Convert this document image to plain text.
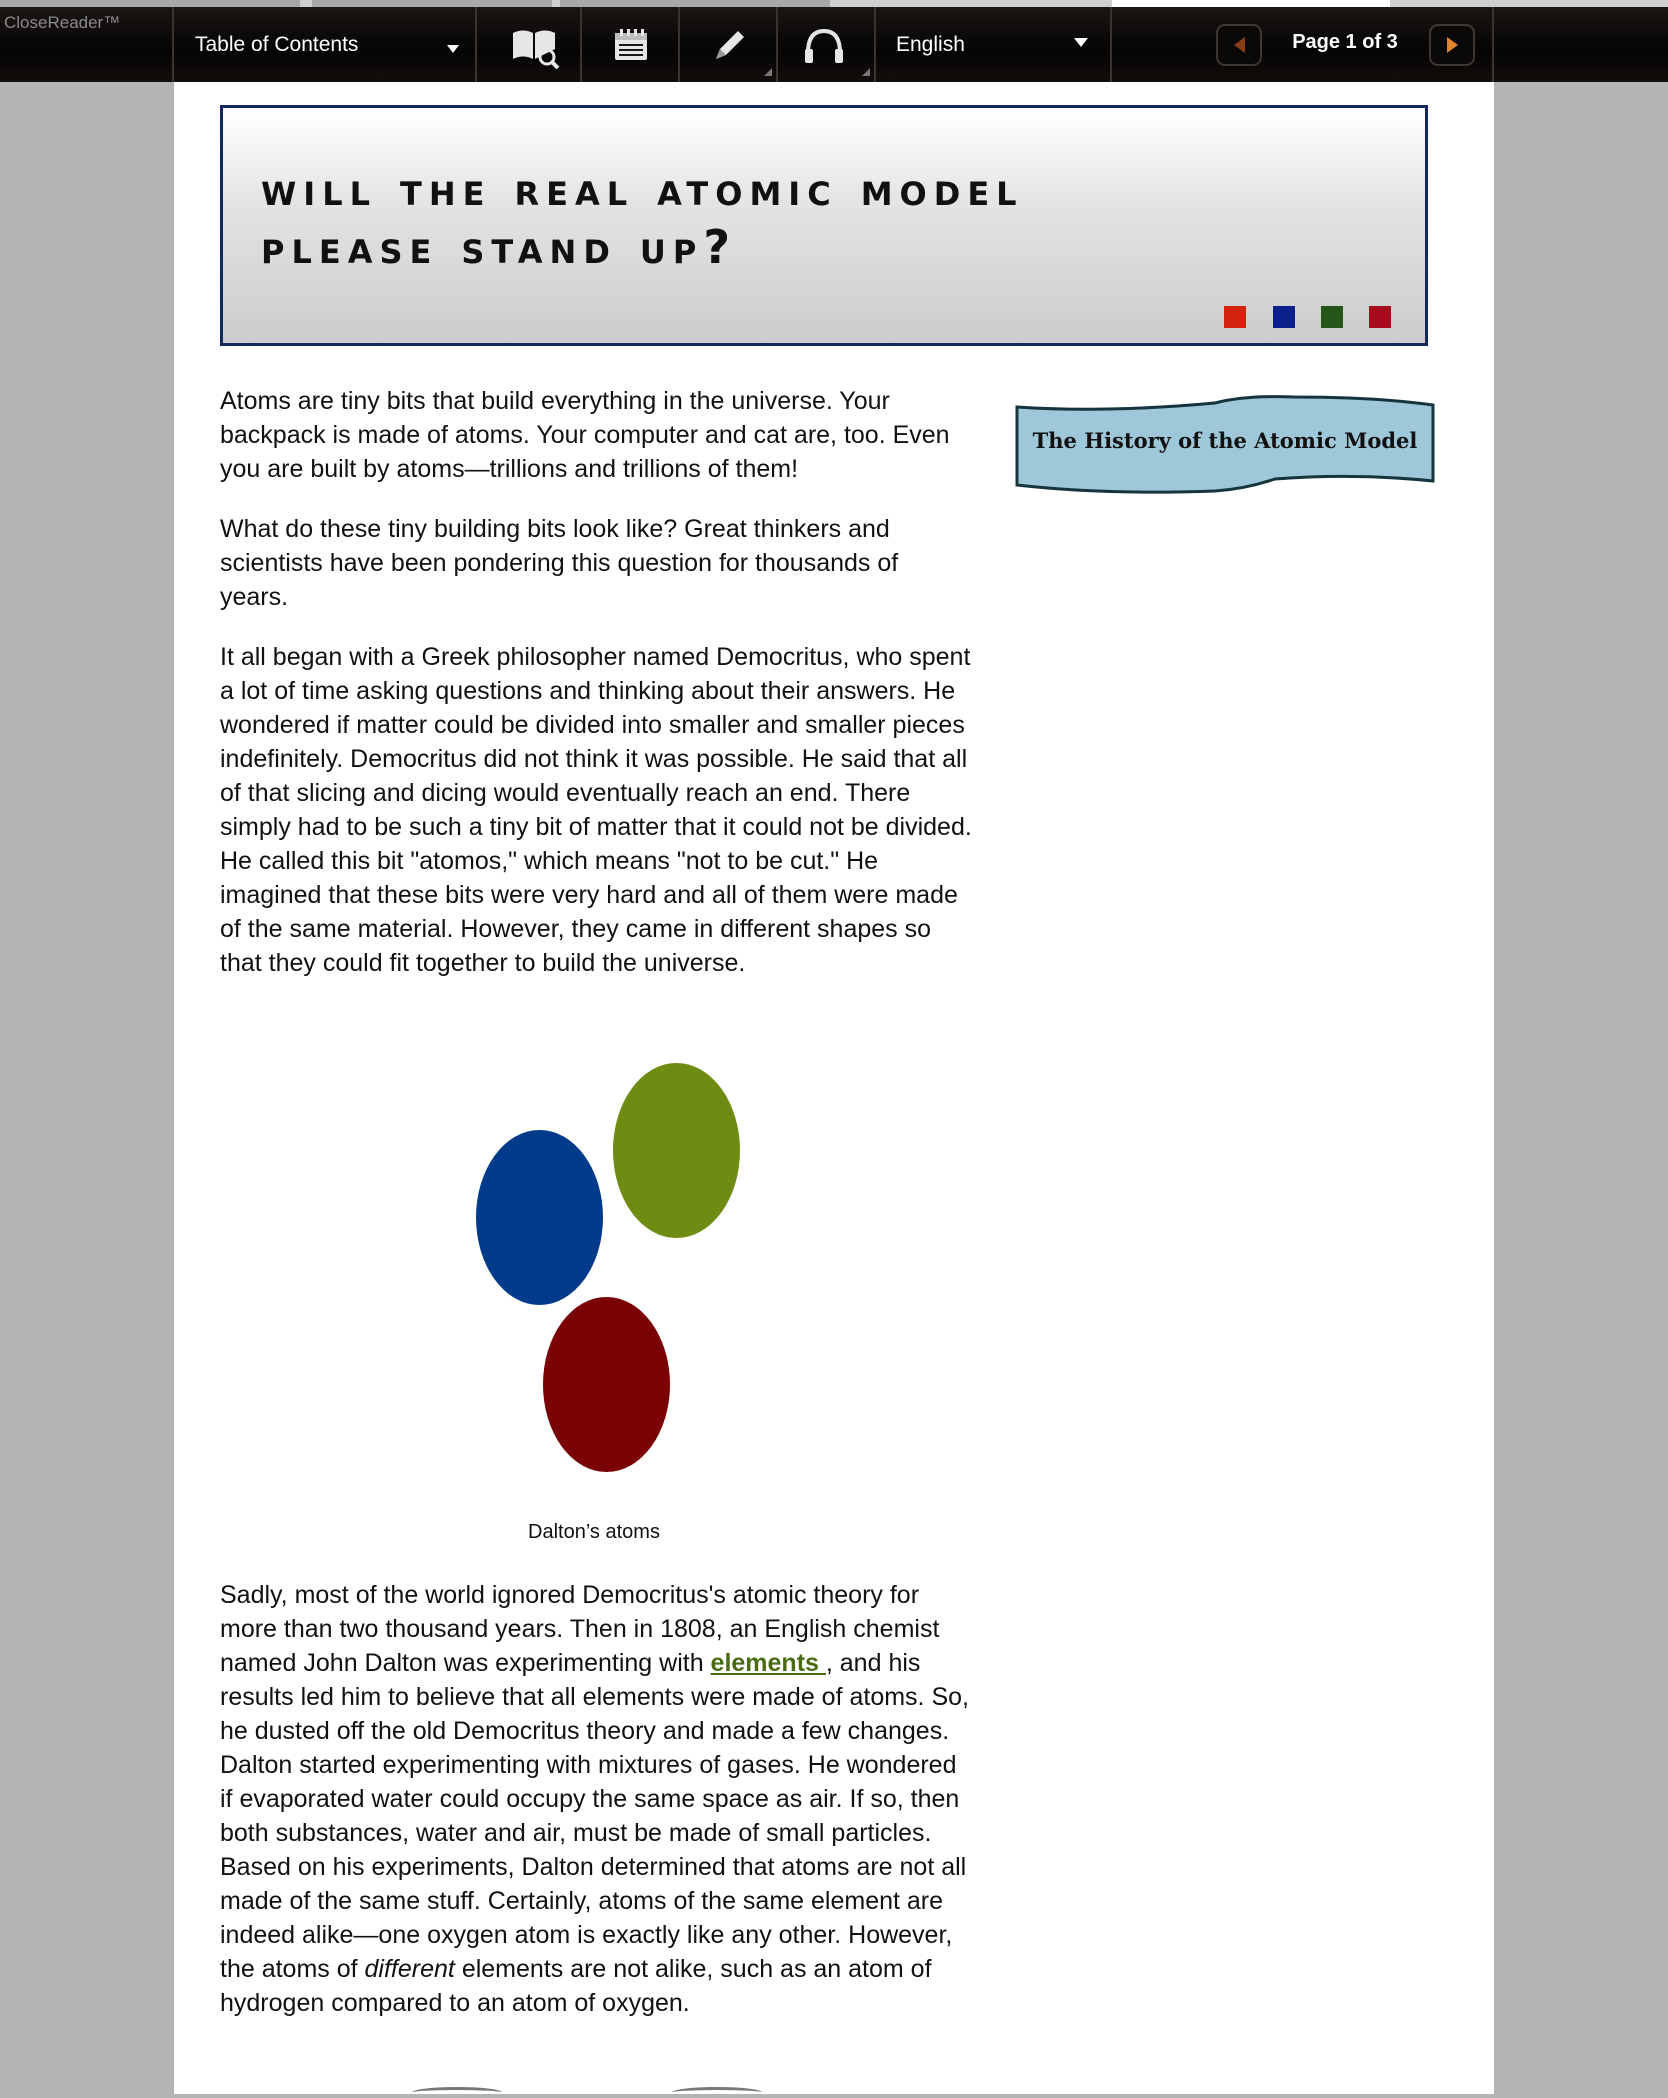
CloseReader™
Table of Contents	English	Page 1 of 3
will the real atomic model
please stand up?

Atoms are tiny bits that build everything in the universe. Your backpack is made of atoms. Your computer and cat are, too. Even you are built by atoms—trillions and trillions of them!

What do these tiny building bits look like? Great thinkers and scientists have been pondering this question for thousands of years.

It all began with a Greek philosopher named Democritus, who spent a lot of time asking questions and thinking about their answers. He wondered if matter could be divided into smaller and smaller pieces indefinitely. Democritus did not think it was possible. He said that all of that slicing and dicing would eventually reach an end. There simply had to be such a tiny bit of matter that it could not be divided. He called this bit "atomos," which means "not to be cut." He imagined that these bits were very hard and all of them were made of the same material. However, they came in different shapes so that they could fit together to build the universe.

Dalton’s atoms

Sadly, most of the world ignored Democritus's atomic theory for more than two thousand years. Then in 1808, an English chemist named John Dalton was experimenting with elements , and his results led him to believe that all elements were made of atoms. So, he dusted off the old Democritus theory and made a few changes. Dalton started experimenting with mixtures of gases. He wondered if evaporated water could occupy the same space as air. If so, then both substances, water and air, must be made of small particles. Based on his experiments, Dalton determined that atoms are not all made of the same stuff. Certainly, atoms of the same element are indeed alike—one oxygen atom is exactly like any other. However, the atoms of different elements are not alike, such as an atom of hydrogen compared to an atom of oxygen.

The History of the Atomic Model
